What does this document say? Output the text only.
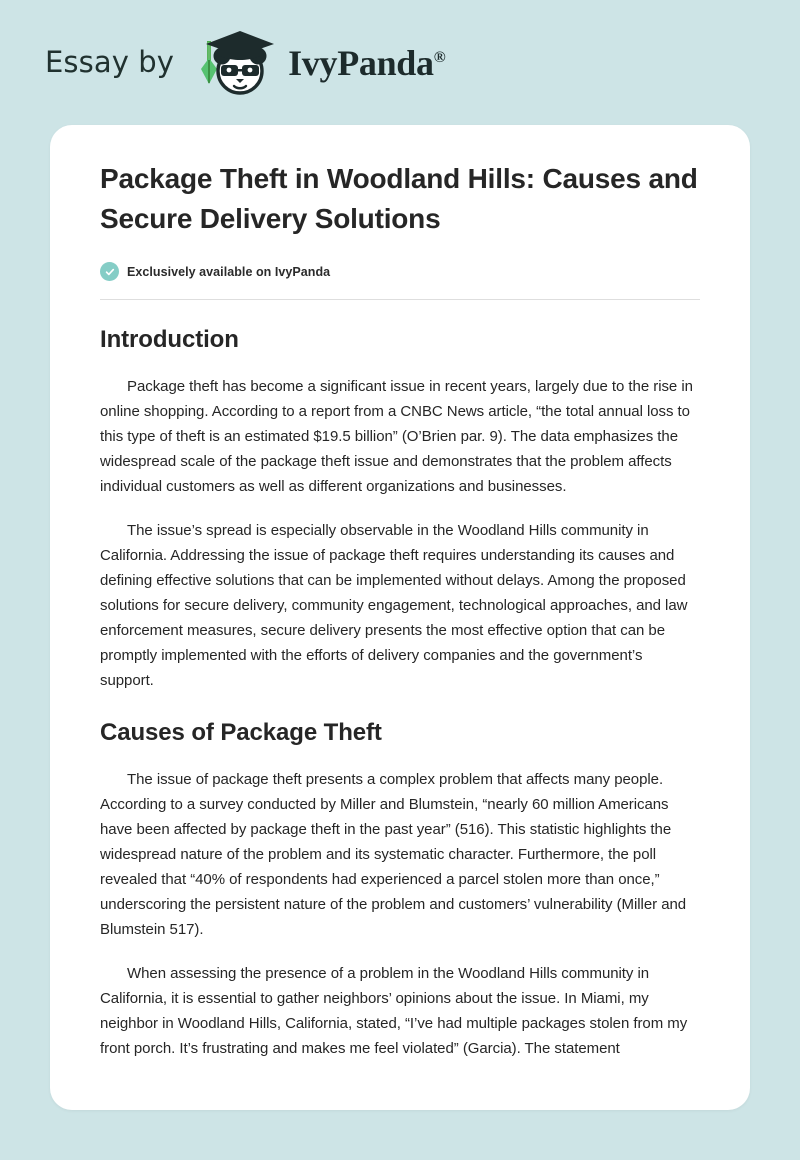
Essay by	IvyPanda®
Package Theft in Woodland Hills: Causes and Secure Delivery Solutions
Exclusively available on IvyPanda
Introduction

Package theft has become a significant issue in recent years, largely due to the rise in online shopping. According to a report from a CNBC News article, “the total annual loss to this type of theft is an estimated $19.5 billion” (O’Brien par. 9). The data emphasizes the widespread scale of the package theft issue and demonstrates that the problem affects individual customers as well as different organizations and businesses.

The issue’s spread is especially observable in the Woodland Hills community in California. Addressing the issue of package theft requires understanding its causes and defining effective solutions that can be implemented without delays. Among the proposed solutions for secure delivery, community engagement, technological approaches, and law enforcement measures, secure delivery presents the most effective option that can be promptly implemented with the efforts of delivery companies and the government’s support.

Causes of Package Theft

The issue of package theft presents a complex problem that affects many people. According to a survey conducted by Miller and Blumstein, “nearly 60 million Americans have been affected by package theft in the past year” (516). This statistic highlights the widespread nature of the problem and its systematic character. Furthermore, the poll revealed that “40% of respondents had experienced a parcel stolen more than once,” underscoring the persistent nature of the problem and customers’ vulnerability (Miller and Blumstein 517).

When assessing the presence of a problem in the Woodland Hills community in California, it is essential to gather neighbors’ opinions about the issue. In Miami, my neighbor in Woodland Hills, California, stated, “I’ve had multiple packages stolen from my front porch. It’s frustrating and makes me feel violated” (Garcia). The statement
